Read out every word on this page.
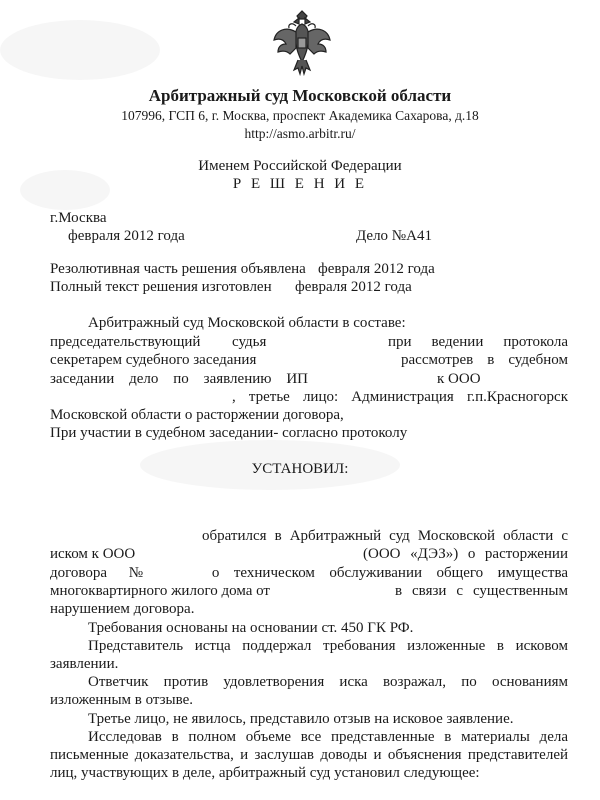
Арбитражный суд Московской области
107996, ГСП 6, г. Москва, проспект Академика Сахарова, д.18
http://asmo.arbitr.ru/
Именем Российской Федерации
Р Е Ш Е Н И Е
г.Москва
февраля 2012 года	Дело №А41
Резолютивная часть решения объявлена февраля 2012 года
Полный текст решения изготовлен февраля 2012 года
Арбитражный суд Московской области в составе:
председательствующий судья	при ведении протокола
секретарем судебного заседания	рассмотрев в судебном
заседании дело по заявлению ИП	к ООО
, третье лицо: Администрация г.п.Красногорск
Московской области о расторжении договора,
При участии в судебном заседании- согласно протоколу
УСТАНОВИЛ:
обратился в Арбитражный суд Московской области с
иском к ООО	(ООО «ДЭЗ») о расторжении
договора   №         о  техническом  обслуживании  общего  имущества
многоквартирного жилого дома от	в связи с существенным
нарушением договора.
Требования основаны на основании ст. 450 ГК РФ.
Представитель истца поддержал требования изложенные в исковом
заявлении.
Ответчик против удовлетворения иска возражал, по основаниям
изложенным в отзыве.
Третье лицо, не явилось, представило отзыв на исковое заявление.
Исследовав в полном объеме все представленные в материалы дела
письменные доказательства, и заслушав доводы и объяснения представителей
лиц, участвующих в деле, арбитражный суд установил следующее:
